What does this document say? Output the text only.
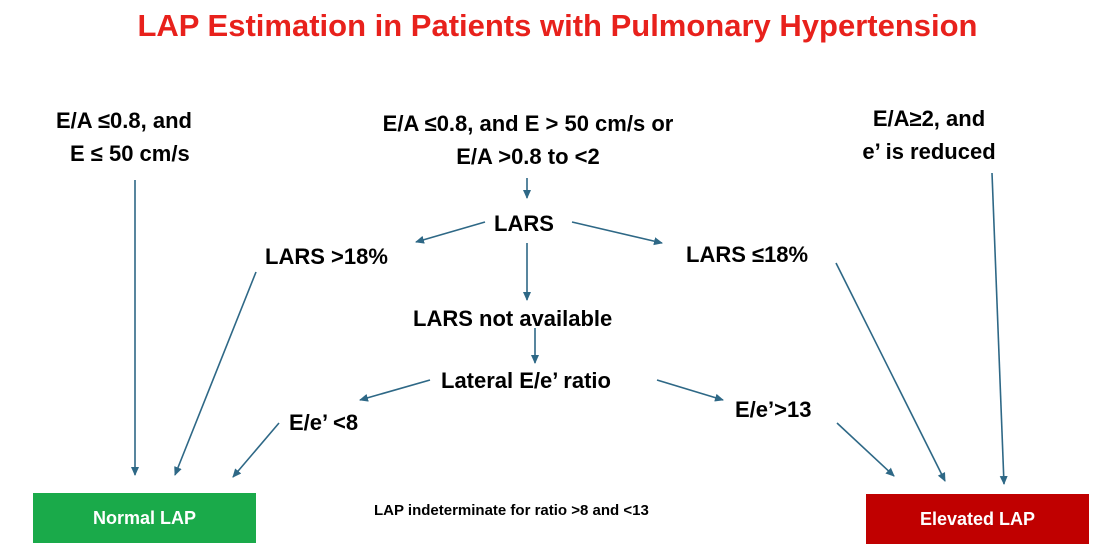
LAP Estimation in Patients with Pulmonary Hypertension
E/A ≤0.8, and
E ≤ 50 cm/s
E/A ≤0.8, and E > 50 cm/s or
E/A >0.8 to <2
E/A≥2, and
e’ is reduced
LARS
LARS >18%	LARS ≤18%
LARS not available
Lateral E/e’ ratio
E/e’ <8
E/e’>13
Normal LAP	Elevated LAP
LAP indeterminate for ratio >8 and <13
